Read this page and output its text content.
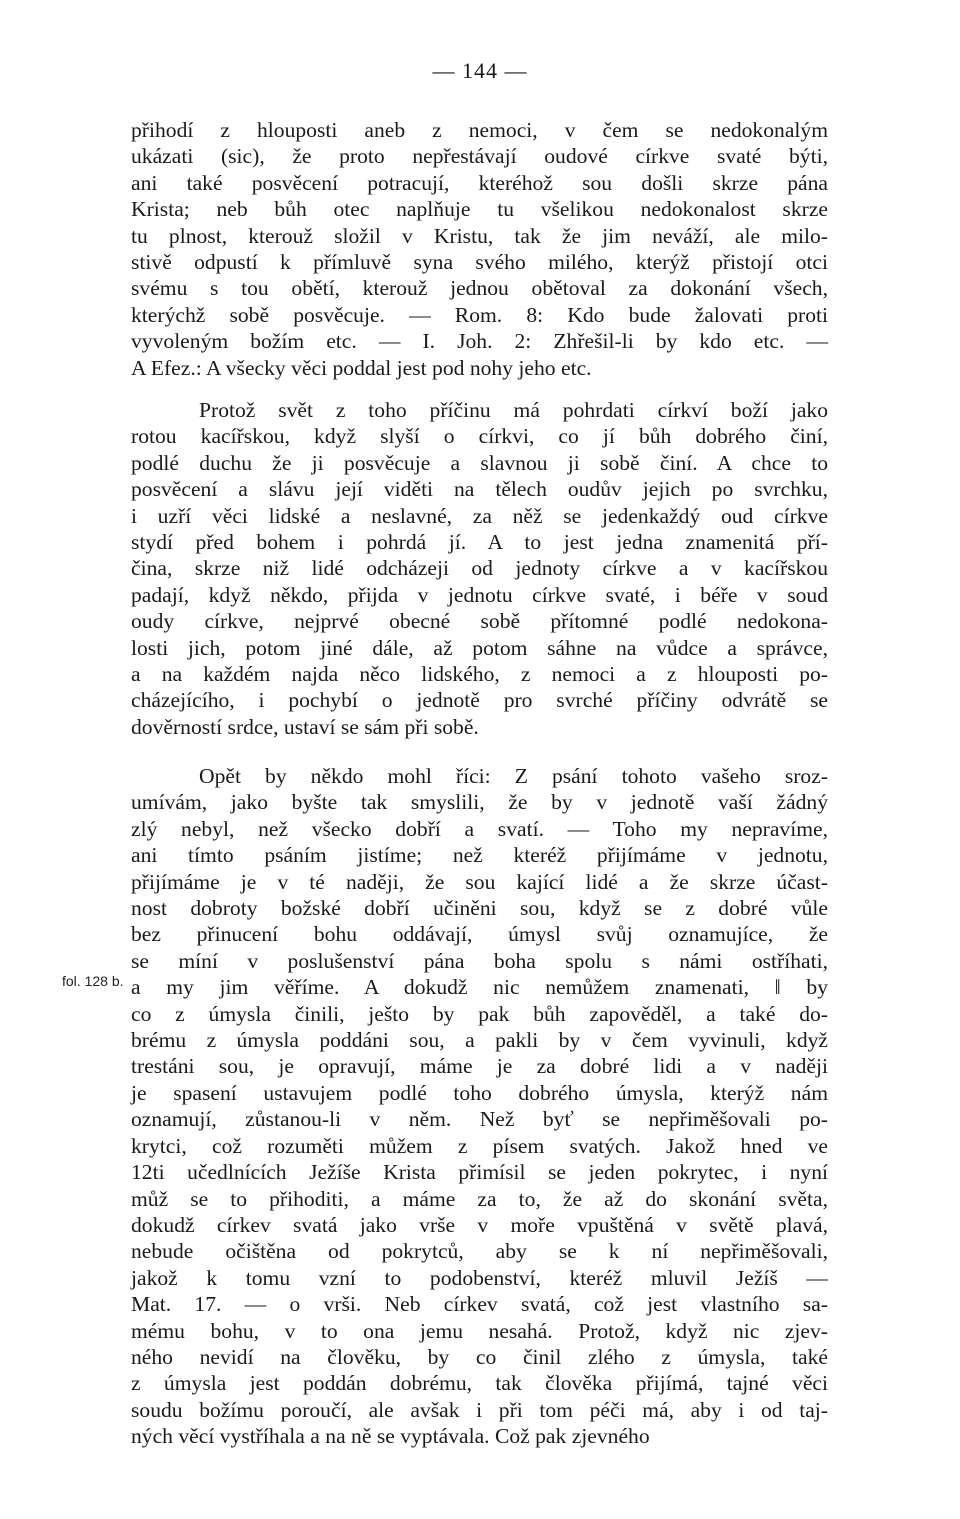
— 144 —
fol. 128 b.
přihodí z hlouposti aneb z nemoci, v čem se nedokonalým
ukázati (sic), že proto nepřestávají oudové církve svaté býti,
ani také posvěcení potracují, kteréhož sou došli skrze pána
Krista; neb bůh otec naplňuje tu všelikou nedokonalost skrze
tu plnost, kterouž složil v Kristu, tak že jim neváží, ale milo-
stivě odpustí k přímluvě syna svého milého, kterýž přistojí otci
svému s tou obětí, kterouž jednou obětoval za dokonání všech,
kterýchž sobě posvěcuje. — Rom. 8: Kdo bude žalovati proti
vyvoleným božím etc. — I. Joh. 2: Zhřešil-li by kdo etc. —
A Efez.: A všecky věci poddal jest pod nohy jeho etc.
Protož svět z toho příčinu má pohrdati církví boží jako
rotou kacířskou, když slyší o církvi, co jí bůh dobrého činí,
podlé duchu že ji posvěcuje a slavnou ji sobě činí. A chce to
posvěcení a slávu její viděti na tělech oudův jejich po svrchku,
i uzří věci lidské a neslavné, za něž se jedenkaždý oud církve
stydí před bohem i pohrdá jí. A to jest jedna znamenitá pří-
čina, skrze niž lidé odcházeji od jednoty církve a v kacířskou
padají, když někdo, přijda v jednotu církve svaté, i béře v soud
oudy církve, nejprvé obecné sobě přítomné podlé nedokona-
losti jich, potom jiné dále, až potom sáhne na vůdce a správce,
a na každém najda něco lidského, z nemoci a z hlouposti po-
cházejícího, i pochybí o jednotě pro svrché příčiny odvrátě se
dověrností srdce, ustaví se sám při sobě.
Opět by někdo mohl říci: Z psání tohoto vašeho sroz-
umívám, jako byšte tak smyslili, že by v jednotě vaší žádný
zlý nebyl, než všecko dobří a svatí. — Toho my nepravíme,
ani tímto psáním jistíme; než kteréž přijímáme v jednotu,
přijímáme je v té naději, že sou kající lidé a že skrze účast-
nost dobroty božské dobří učiněni sou, když se z dobré vůle
bez přinucení bohu oddávají, úmysl svůj oznamujíce, že
se míní v poslušenství pána boha spolu s námi ostříhati,
a my jim věříme. A dokudž nic nemůžem znamenati, ‖ by
co z úmysla činili, ješto by pak bůh zapověděl, a také do-
brému z úmysla poddáni sou, a pakli by v čem vyvinuli, když
trestáni sou, je opravují, máme je za dobré lidi a v naději
je spasení ustavujem podlé toho dobrého úmysla, kterýž nám
oznamují, zůstanou-li v něm. Než byť se nepřiměšovali po-
krytci, což rozuměti můžem z písem svatých. Jakož hned ve
12ti učedlnících Ježíše Krista přimísil se jeden pokrytec, i nyní
můž se to přihoditi, a máme za to, že až do skonání světa,
dokudž církev svatá jako vrše v moře vpuštěná v světě plavá,
nebude očištěna od pokrytců, aby se k ní nepřiměšovali,
jakož k tomu vzní to podobenství, kteréž mluvil Ježíš —
Mat. 17. — o vrši. Neb církev svatá, což jest vlastního sa-
mému bohu, v to ona jemu nesahá. Protož, když nic zjev-
ného nevidí na člověku, by co činil zlého z úmysla, také
z úmysla jest poddán dobrému, tak člověka přijímá, tajné věci
soudu božímu poroučí, ale avšak i při tom péči má, aby i od taj-
ných věcí vystříhala a na ně se vyptávala. Což pak zjevného
